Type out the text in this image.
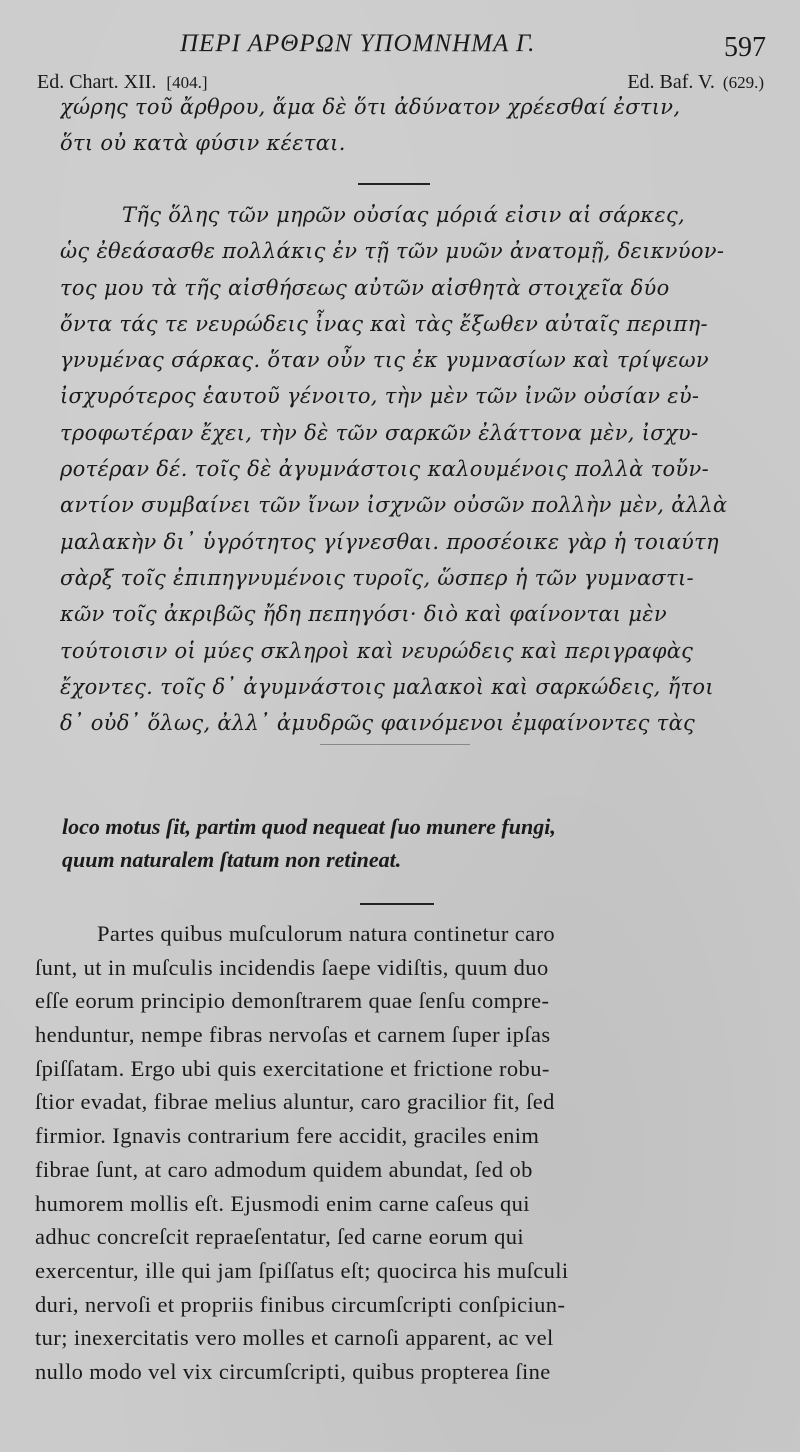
ΠΕΡΙ ΑΡΘΡΩΝ ΥΠΟΜΝΗΜΑ Γ.	597
Ed. Chart. XII. [404.]	Ed. Baf. V. (629.)
χώρης τοῦ ἄρθρου, ἅμα δὲ ὅτι ἀδύνατον χρέεσθαί ἐστιν,
ὅτι οὐ κατὰ φύσιν κέεται.
Τῆς ὅλης τῶν μηρῶν οὐσίας μόριά εἰσιν αἱ σάρκες,
ὡς ἐθεάσασθε πολλάκις ἐν τῇ τῶν μυῶν ἀνατομῇ, δεικνύον-
τος μου τὰ τῆς αἰσθήσεως αὐτῶν αἰσθητὰ στοιχεῖα δύο
ὄντα τάς τε νευρώδεις ἶνας καὶ τὰς ἔξωθεν αὐταῖς περιπη-
γνυμένας σάρκας. ὅταν οὖν τις ἐκ γυμνασίων καὶ τρίψεων
ἰσχυρότερος ἑαυτοῦ γένοιτο, τὴν μὲν τῶν ἰνῶν οὐσίαν εὐ-
τροφωτέραν ἔχει, τὴν δὲ τῶν σαρκῶν ἐλάττονα μὲν, ἰσχυ-
ροτέραν δέ. τοῖς δὲ ἀγυμνάστοις καλουμένοις πολλὰ τοὔν-
αντίον συμβαίνει τῶν ἴνων ἰσχνῶν οὐσῶν πολλὴν μὲν, ἀλλὰ
μαλακὴν δι᾽ ὑγρότητος γίγνεσθαι. προσέοικε γὰρ ἡ τοιαύτη
σὰρξ τοῖς ἐπιπηγνυμένοις τυροῖς, ὥσπερ ἡ τῶν γυμναστι-
κῶν τοῖς ἀκριβῶς ἤδη πεπηγόσι· διὸ καὶ φαίνονται μὲν
τούτοισιν οἱ μύες σκληροὶ καὶ νευρώδεις καὶ περιγραφὰς
ἔχοντες. τοῖς δ᾽ ἀγυμνάστοις μαλακοὶ καὶ σαρκώδεις, ἤτοι
δ᾽ οὐδ᾽ ὅλως, ἀλλ᾽ ἀμυδρῶς φαινόμενοι ἐμφαίνοντες τὰς
loco motus ſit, partim quod nequeat ſuo munere fungi,
quum naturalem ſtatum non retineat.
Partes quibus muſculorum natura continetur caro
ſunt, ut in muſculis incidendis ſaepe vidiſtis, quum duo
eſſe eorum principio demonſtrarem quae ſenſu compre-
henduntur, nempe fibras nervoſas et carnem ſuper ipſas
ſpiſſatam. Ergo ubi quis exercitatione et frictione robu-
ſtior evadat, fibrae melius aluntur, caro gracilior fit, ſed
firmior. Ignavis contrarium fere accidit, graciles enim
fibrae ſunt, at caro admodum quidem abundat, ſed ob
humorem mollis eſt. Ejusmodi enim carne caſeus qui
adhuc concreſcit repraeſentatur, ſed carne eorum qui
exercentur, ille qui jam ſpiſſatus eſt; quocirca his muſculi
duri, nervoſi et propriis finibus circumſcripti conſpiciun-
tur; inexercitatis vero molles et carnoſi apparent, ac vel
nullo modo vel vix circumſcripti, quibus propterea ſine
